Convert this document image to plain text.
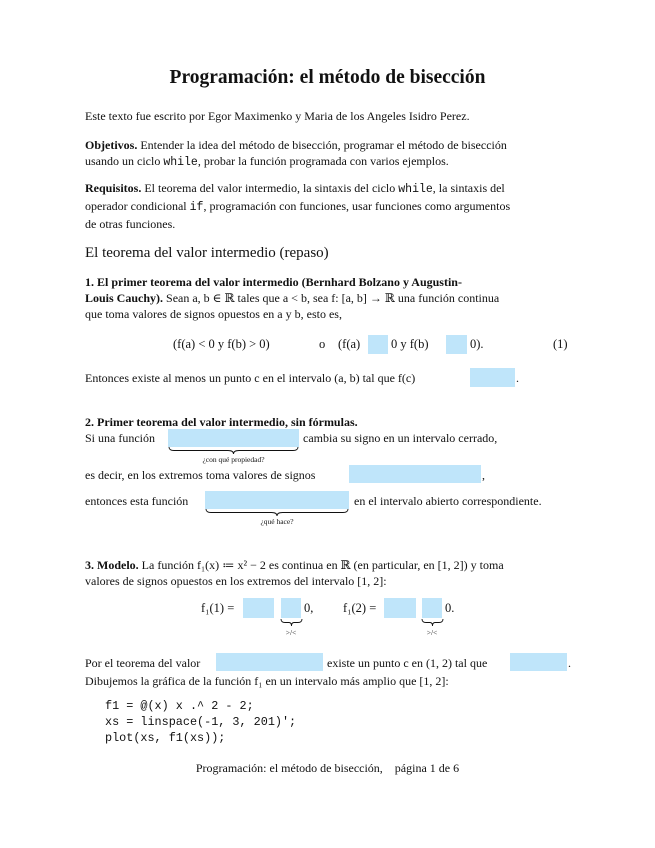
Programación: el método de bisección
Este texto fue escrito por Egor Maximenko y Maria de los Angeles Isidro Perez.
Objetivos. Entender la idea del método de bisección, programar el método de bisección
usando un ciclo while, probar la función programada con varios ejemplos.
Requisitos. El teorema del valor intermedio, la sintaxis del ciclo while, la sintaxis del
operador condicional if, programación con funciones, usar funciones como argumentos
de otras funciones.
El teorema del valor intermedio (repaso)
1. El primer teorema del valor intermedio (Bernhard Bolzano y Augustin-
Louis Cauchy). Sean a, b ∈ ℝ tales que a < b, sea f: [a, b] → ℝ una función continua
que toma valores de signos opuestos en a y b, esto es,
(f(a) < 0 y f(b) > 0)	o (f(a) 0 y f(b)	0).	(1)
Entonces existe al menos un punto c en el intervalo (a, b) tal que f(c)	.
2. Primer teorema del valor intermedio, sin fórmulas.
Si una función
¿con qué propiedad?
cambia su signo en un intervalo cerrado,
es decir, en los extremos toma valores de signos	,
entonces esta función
¿qué hace?
en el intervalo abierto correspondiente.
3. Modelo. La función f₁(x) ≔ x² − 2 es continua en ℝ (en particular, en [1, 2]) y toma
valores de signos opuestos en los extremos del intervalo [1, 2]:
f₁(1) =
>/<
0, f₁(2) =
>/<
0.
Por el teorema del valor	existe un punto c en (1, 2) tal que	.
Dibujemos la gráfica de la función f₁ en un intervalo más amplio que [1, 2]:
f1 = @(x) x .^ 2 - 2;
xs = linspace(-1, 3, 201)';
plot(xs, f1(xs));
Programación: el método de bisección,    página 1 de 6
